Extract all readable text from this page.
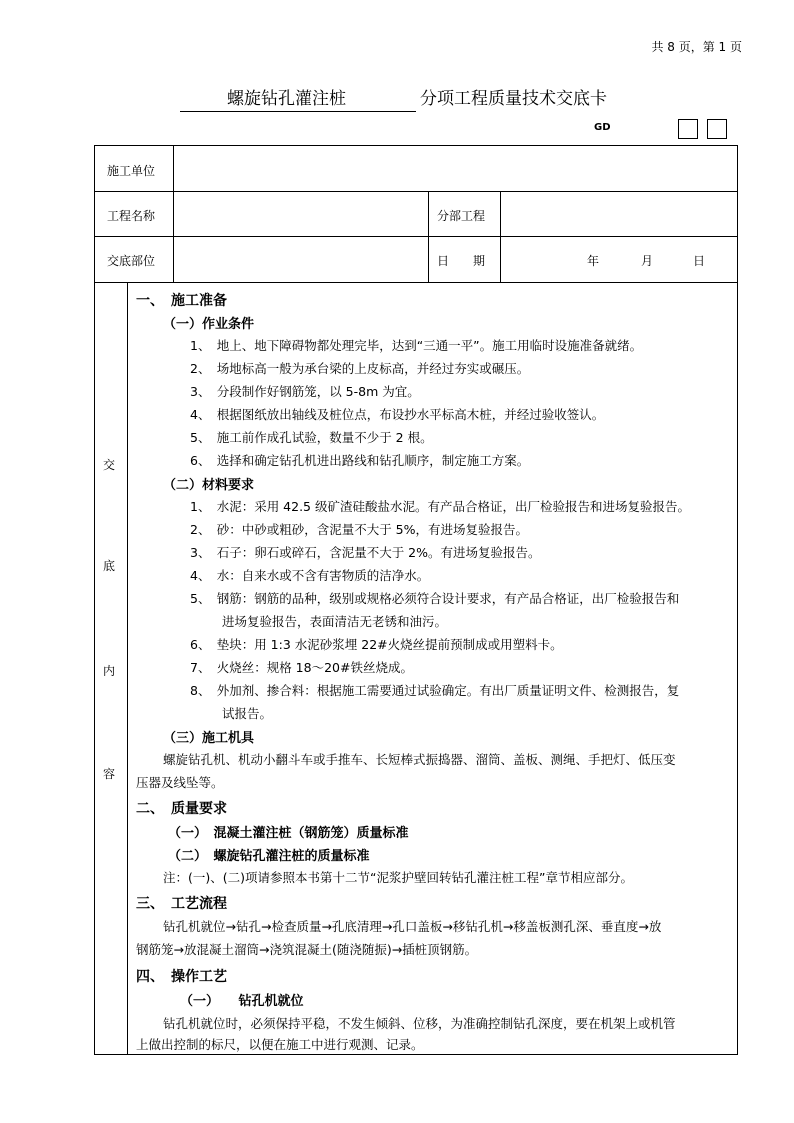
共 8 页，第 1 页
螺旋钻孔灌注桩	分项工程质量技术交底卡
GD
施工单位
工程名称	分部工程
交底部位	日　　期	年	月	日
交
底
内
容
一、　施工准备
（一）作业条件
1、　地上、地下障碍物都处理完毕，达到“三通一平”。施工用临时设施准备就绪。
2、　场地标高一般为承台梁的上皮标高，并经过夯实或碾压。
3、　分段制作好钢筋笼，以 5-8m 为宜。
4、　根据图纸放出轴线及桩位点，布设抄水平标高木桩，并经过验收签认。
5、　施工前作成孔试验，数量不少于 2 根。
6、　选择和确定钻孔机进出路线和钻孔顺序，制定施工方案。
（二）材料要求
1、　水泥：采用 42.5 级矿渣硅酸盐水泥。有产品合格证，出厂检验报告和进场复验报告。
2、　砂：中砂或粗砂，含泥量不大于 5%，有进场复验报告。
3、　石子：卵石或碎石，含泥量不大于 2%。有进场复验报告。
4、　水：自来水或不含有害物质的洁净水。
5、　钢筋：钢筋的品种，级别或规格必须符合设计要求，有产品合格证，出厂检验报告和
进场复验报告，表面清洁无老锈和油污。
6、　垫块：用 1:3 水泥砂浆埋 22#火烧丝提前预制成或用塑料卡。
7、　火烧丝：规格 18～20#铁丝烧成。
8、　外加剂、掺合料：根据施工需要通过试验确定。有出厂质量证明文件、检测报告，复
试报告。
（三）施工机具
螺旋钻孔机、机动小翻斗车或手推车、长短棒式振捣器、溜筒、盖板、测绳、手把灯、低压变
压器及线坠等。
二、　质量要求
（一）　混凝土灌注桩（钢筋笼）质量标准
（二）　螺旋钻孔灌注桩的质量标准
注：(一)、(二)项请参照本书第十二节“泥浆护壁回转钻孔灌注桩工程”章节相应部分。
三、　工艺流程
钻孔机就位→钻孔→检查质量→孔底清理→孔口盖板→移钻孔机→移盖板测孔深、垂直度→放
钢筋笼→放混凝土溜筒→浇筑混凝土(随浇随振)→插桩顶钢筋。
四、　操作工艺
（一）　　钻孔机就位
钻孔机就位时，必须保持平稳，不发生倾斜、位移，为准确控制钻孔深度，要在机架上或机管
上做出控制的标尺，以便在施工中进行观测、记录。
